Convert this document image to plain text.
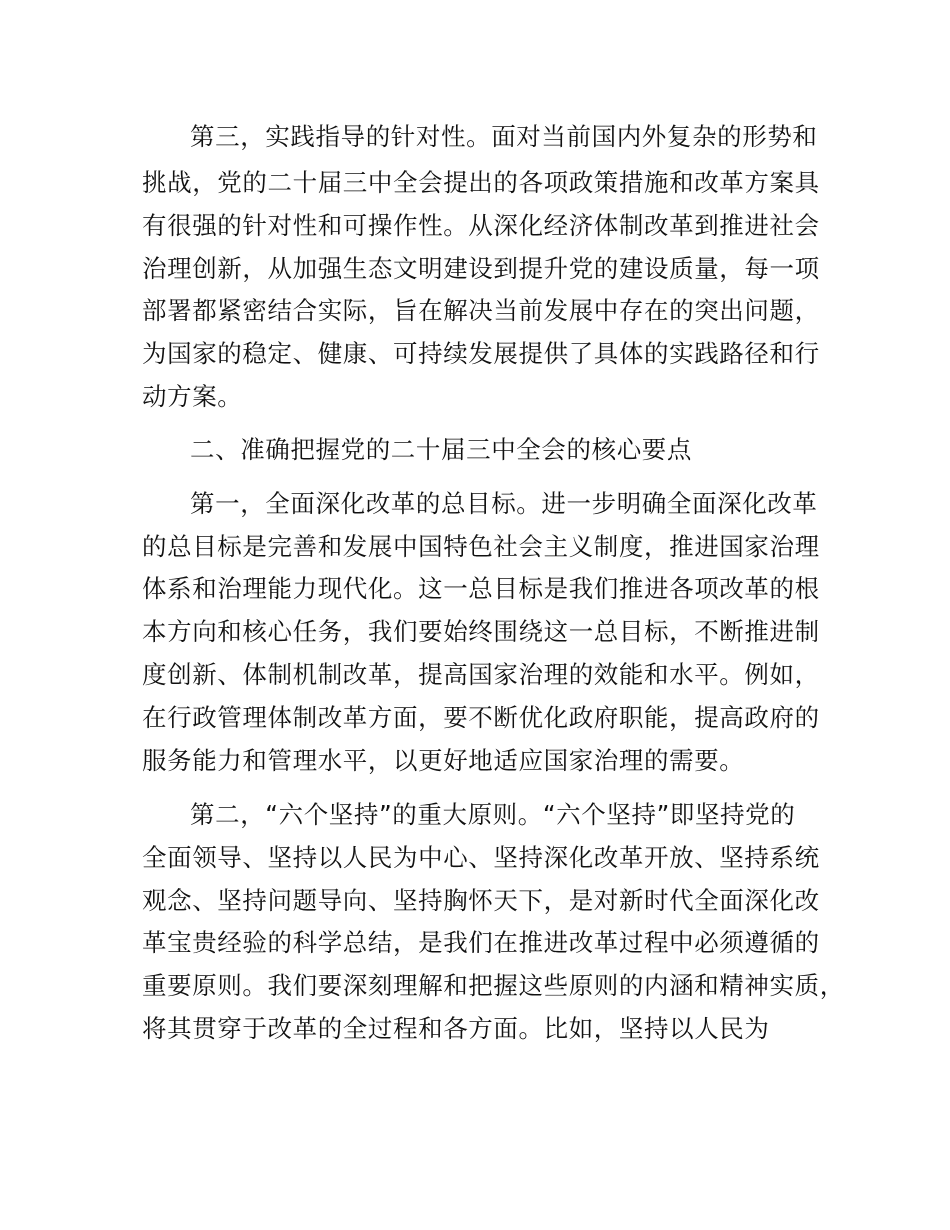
第三，实践指导的针对性。面对当前国内外复杂的形势和
挑战，党的二十届三中全会提出的各项政策措施和改革方案具
有很强的针对性和可操作性。从深化经济体制改革到推进社会
治理创新，从加强生态文明建设到提升党的建设质量，每一项
部署都紧密结合实际，旨在解决当前发展中存在的突出问题，
为国家的稳定、健康、可持续发展提供了具体的实践路径和行
动方案。
二、准确把握党的二十届三中全会的核心要点
第一，全面深化改革的总目标。进一步明确全面深化改革
的总目标是完善和发展中国特色社会主义制度，推进国家治理
体系和治理能力现代化。这一总目标是我们推进各项改革的根
本方向和核心任务，我们要始终围绕这一总目标，不断推进制
度创新、体制机制改革，提高国家治理的效能和水平。例如，
在行政管理体制改革方面，要不断优化政府职能，提高政府的
服务能力和管理水平，以更好地适应国家治理的需要。
第二，“六个坚持”的重大原则。“六个坚持”即坚持党的
全面领导、坚持以人民为中心、坚持深化改革开放、坚持系统
观念、坚持问题导向、坚持胸怀天下，是对新时代全面深化改
革宝贵经验的科学总结，是我们在推进改革过程中必须遵循的
重要原则。我们要深刻理解和把握这些原则的内涵和精神实质，
将其贯穿于改革的全过程和各方面。比如，坚持以人民为
